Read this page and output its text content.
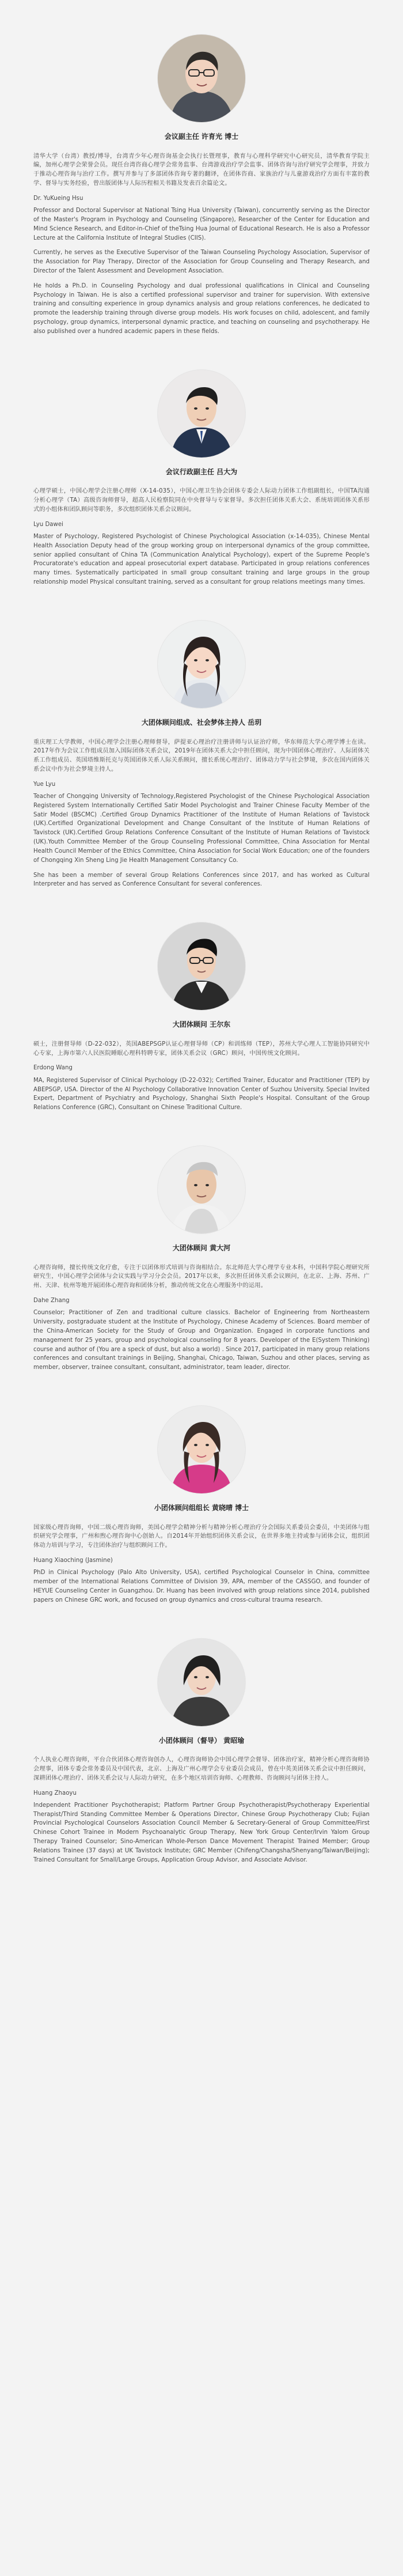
会议副主任 许育光 博士

清华大学（台湾）教授/博导，台湾青少年心理咨询基金会执行长暨理事，教育与心理科学研究中心研究员，清华教育学院主编，加州心理学会荣誉会员。现任台湾咨商心理学会常务监事、台湾游戏治疗学会监事、团体咨询与治疗研究学会理事，并致力于推动心理咨询与治疗工作。撰写并参与了多部团体咨询专著的翻译，在团体咨商、家族治疗与儿童游戏治疗方面有丰富的教学、督导与实务经验，曾出版团体与人际历程相关书籍及发表百余篇论文。

Dr. YuKueing Hsu

Professor and Doctoral Supervisor at National Tsing Hua University (Taiwan), concurrently serving as the Director of the Master's Program in Psychology and Counseling (Singapore), Researcher of the Center for Education and Mind Science Research, and Editor-in-Chief of theTsing Hua Journal of Educational Research. He is also a Professor Lecture at the California Institute of Integral Studies (CIIS).

Currently, he serves as the Executive Supervisor of the Taiwan Counseling Psychology Association, Supervisor of the Association for Play Therapy, Director of the Association for Group Counseling and Therapy Research, and Director of the Talent Assessment and Development Association.

He holds a Ph.D. in Counseling Psychology and dual professional qualifications in Clinical and Counseling Psychology in Taiwan. He is also a certified professional supervisor and trainer for supervision. With extensive training and consulting experience in group dynamics analysis and group relations conferences, he dedicated to promote the leadership training through diverse group models. His work focuses on child, adolescent, and family psychology, group dynamics, interpersonal dynamic practice, and teaching on counseling and psychotherapy. He also published over a hundred academic papers in these fields.

会议行政副主任 吕大为

心理学硕士，中国心理学会注册心理师（X-14-035），中国心理卫生协会团体专委会人际动力团体工作组副组长，中国TA沟通分析心理学（TA）高级咨询师督导，超高人民检察院同在中央督导与专家督导。多次担任团体关系大会、系统培训团体关系形式的小组体和团队顾问等职务，多次组织团体关系会议顾问。

Lyu Dawei

Master of Psychology, Registered Psychologist of Chinese Psychological Association (x-14-035), Chinese Mental Health Association Deputy head of the group working group on interpersonal dynamics of the group committee, senior applied consultant of China TA (Communication Analytical Psychology), expert of the Supreme People's Procuratorate's education and appeal prosecutorial expert database. Participated in group relations conferences many times. Systematically participated in small group consultant training and large groups in the group relationship model Physical consultant training, served as a consultant for group relations meetings many times.

大团体顾问组成、社会梦体主持人 岳玥

重庆理工大学教师，中国心理学会注册心理师督导，萨提亚心理治疗注册讲师与认证治疗师，华东师范大学心理学博士在读。2017年作为会议工作组成员加入国际团体关系会议，2019年在团体关系大会中担任顾问，现为中国团体心理治疗、人际团体关系工作组成员、英国塔维斯托克与英国团体关系人际关系顾问，擅长系统心理治疗、团体动力学与社会梦境，多次在国内团体关系会议中作为社会梦境主持人。

Yue Lyu

Teacher of Chongqing University of Technology,Registered Psychologist of the Chinese Psychological Association Registered System Internationally Certified Satir Model Psychologist and Trainer Chinese Faculty Member of the Satir Model (BSCMC) .Certified Group Dynamics Practitioner of the Institute of Human Relations of Tavistock (UK).Certified Organizational Development and Change Consultant of the Institute of Human Relations of Tavistock (UK).Certified Group Relations Conference Consultant of the Institute of Human Relations of Tavistock (UK).Youth Committee Member of the Group Counseling Professional Committee, China Association for Mental Health Council Member of the Ethics Committee, China Association for Social Work Education; one of the founders of Chongqing Xin Sheng Ling Jie Health Management Consultancy Co.

She has been a member of several Group Relations Conferences since 2017, and has worked as Cultural Interpreter and has served as Conference Consultant for several conferences.

大团体顾问 王尔东

硕士，注册督导师（D-22-032），英国ABEPSGP认证心理督导师（CP）和训练师（TEP），苏州大学心理人工智能协同研究中心专家，上海市第六人民医院睡眠心理科特聘专家，团体关系会议（GRC）顾问，中国传统文化顾问。

Erdong Wang

MA, Registered Supervisor of Clinical Psychology (D-22-032); Certified Trainer, Educator and Practitioner (TEP) by ABEPSGP, USA. Director of the AI Psychology Collaborative Innovation Center of Suzhou University. Special Invited Expert, Department of Psychiatry and Psychology, Shanghai Sixth People's Hospital. Consultant of the Group Relations Conference (GRC), Consultant on Chinese Traditional Culture.

大团体顾问 黄大河

心理咨询师，擅长传统文化疗愈，专注于以团体形式培训与咨询相结合。东北师范大学心理学专业本科，中国科学院心理研究所研究生，中国心理学会团体与会议实践与学习分会会员。2017年以来，多次担任团体关系会议顾问，在北京、上海、苏州、广州、天津、杭州等地开展团体心理咨询和团体分析，推动传统文化在心理服务中的运用。

Dahe Zhang

Counselor; Practitioner of Zen and traditional culture classics. Bachelor of Engineering from Northeastern University, postgraduate student at the Institute of Psychology, Chinese Academy of Sciences. Board member of the China-American Society for the Study of Group and Organization. Engaged in corporate functions and management for 25 years, group and psychological counseling for 8 years. Developer of the E(System Thinking) course and author of (You are a speck of dust, but also a world) . Since 2017, participated in many group relations conferences and consultant trainings in Beijing, Shanghai, Chicago, Taiwan, Suzhou and other places, serving as member, observer, trainee consultant, consultant, administrator, team leader, director.

小团体顾问组组长 黄晓晴 博士

国家级心理咨询师，中国二级心理咨询师，美国心理学会精神分析与精神分析心理治疗分会国际关系委员会委员，中美团体与组织研究学会理事，广州和煦心理咨询中心创始人。自2014年开始组织团体关系会议，在世界多地主持或参与团体会议，组织团体动力培训与学习，专注团体治疗与组织顾问工作。

Huang Xiaoching (Jasmine)

PhD in Clinical Psychology (Palo Alto University, USA), certified Psychological Counselor in China, committee member of the International Relations Committee of Division 39, APA, member of the CASSGO, and founder of HEYUE Counseling Center in Guangzhou. Dr. Huang has been involved with group relations since 2014, published papers on Chinese GRC work, and focused on group dynamics and cross-cultural trauma research.

小团体顾问（督导） 黄昭瑜

个人执业心理咨询师，平台合伙团体心理咨询创办人，心理咨询师协会中国心理学会督导、团体治疗家，精神分析心理咨询师协会理事，团体专委会常务委员及中国代表，北京、上海及广州心理学会专业委员会成员，曾在中英美团体关系会议中担任顾问，深耕团体心理治疗、团体关系会议与人际动力研究，在多个地区培训咨询师、心理教师、咨询顾问与团体主持人。

Huang Zhaoyu

Independent Practitioner Psychotherapist; Platform Partner Group Psychotherapist/Psychotherapy Experiential Therapist/Third Standing Committee Member & Operations Director, Chinese Group Psychotherapy Club; Fujian Provincial Psychological Counselors Association Council Member & Secretary-General of Group Committee/First Chinese Cohort Trainee in Modern Psychoanalytic Group Therapy, New York Group Center/Irvin Yalom Group Therapy Trained Counselor; Sino-American Whole-Person Dance Movement Therapist Trained Member; Group Relations Trainee (37 days) at UK Tavistock Institute; GRC Member (Chifeng/Changsha/Shenyang/Taiwan/Beijing); Trained Consultant for Small/Large Groups, Application Group Advisor, and Associate Advisor.
